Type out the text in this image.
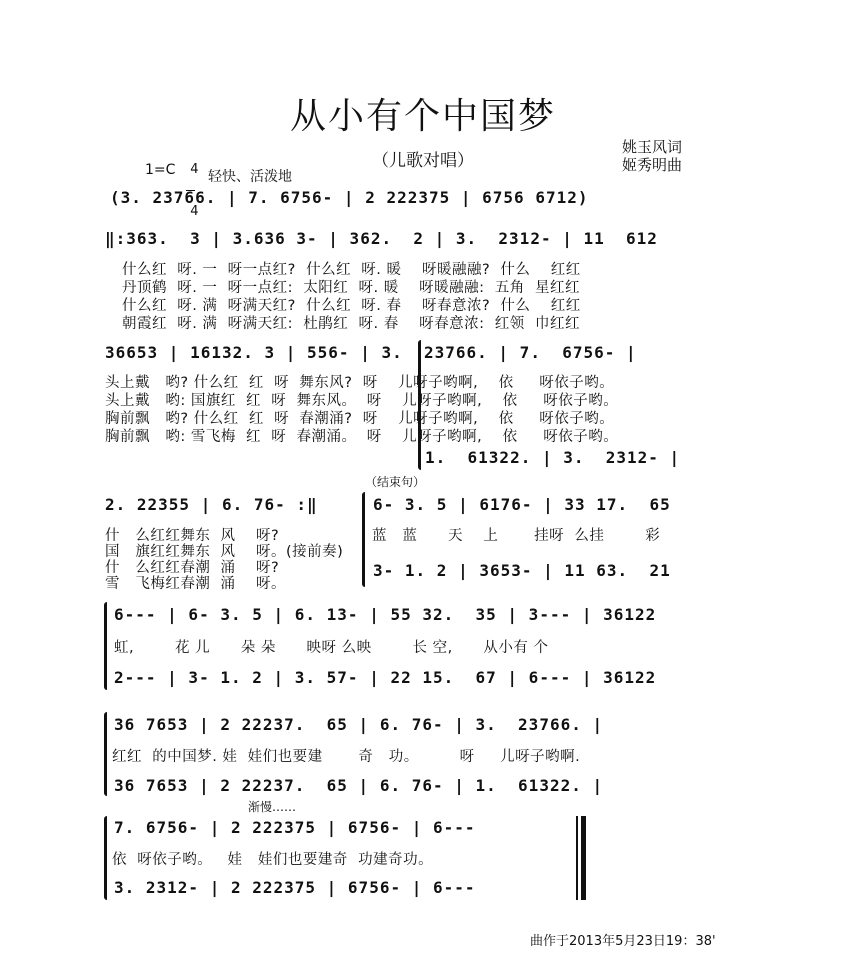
从小有个中国梦
（儿歌对唱）
姚玉风词
姬秀明曲
1=C	4

4

轻快、活泼地
(3. 23766. | 7. 6756- | 2 222375 | 6756 6712)
‖:363.  3 | 3.636 3- | 362.  2 | 3.  2312- | 11  612
什么红  呀. 一  呀一点红?  什么红  呀. 暖    呀暖融融?  什么    红红
丹顶鹤  呀. 一  呀一点红:  太阳红  呀. 暖    呀暖融融:  五角  星红红
什么红  呀. 满  呀满天红?  什么红  呀. 春    呀春意浓?  什么    红红
朝霞红  呀. 满  呀满天红:  杜鹃红  呀. 春    呀春意浓:  红领  巾红红
36653 | 16132. 3 | 556- | 3.  23766. | 7.  6756- |
头上戴   哟? 什么红  红  呀  舞东风?  呀    儿呀子哟啊,    依     呀依子哟。
头上戴   哟: 国旗红  红  呀  舞东风。  呀    儿呀子哟啊,    依     呀依子哟。
胸前飘   哟? 什么红  红  呀  春潮涌?  呀    儿呀子哟啊,    依     呀依子哟。
胸前飘   哟: 雪飞梅  红  呀  春潮涌。  呀    儿呀子哟啊,    依     呀依子哟。
1.  61322. | 3.  2312- |
（结束句）
2. 22355 | 6. 76- :‖	6- 3. 5 | 6176- | 33 17.  65
什   么红红舞东  风    呀?
国   旗红红舞东  风    呀。(接前奏)
什   么红红春潮  涌    呀?
雪   飞梅红春潮  涌    呀。
蓝   蓝      天    上       挂呀  么挂        彩
3- 1. 2 | 3653- | 11 63.  21
6--- | 6- 3. 5 | 6. 13- | 55 32.  35 | 3--- | 36122
虹,        花 儿      朵 朵      映呀 么映        长 空,      从小有 个
2--- | 3- 1. 2 | 3. 57- | 22 15.  67 | 6--- | 36122
36 7653 | 2 22237.  65 | 6. 76- | 3.  23766. |
红红  的中国梦. 娃  娃们也要建       奇   功。        呀     儿呀子哟啊.
36 7653 | 2 22237.  65 | 6. 76- | 1.  61322. |
渐慢……
7. 6756- | 2 222375 | 6756- | 6---
依  呀依子哟。   娃   娃们也要建奇  功建奇功。
3. 2312- | 2 222375 | 6756- | 6---
曲作于2013年5月23日19：38'
